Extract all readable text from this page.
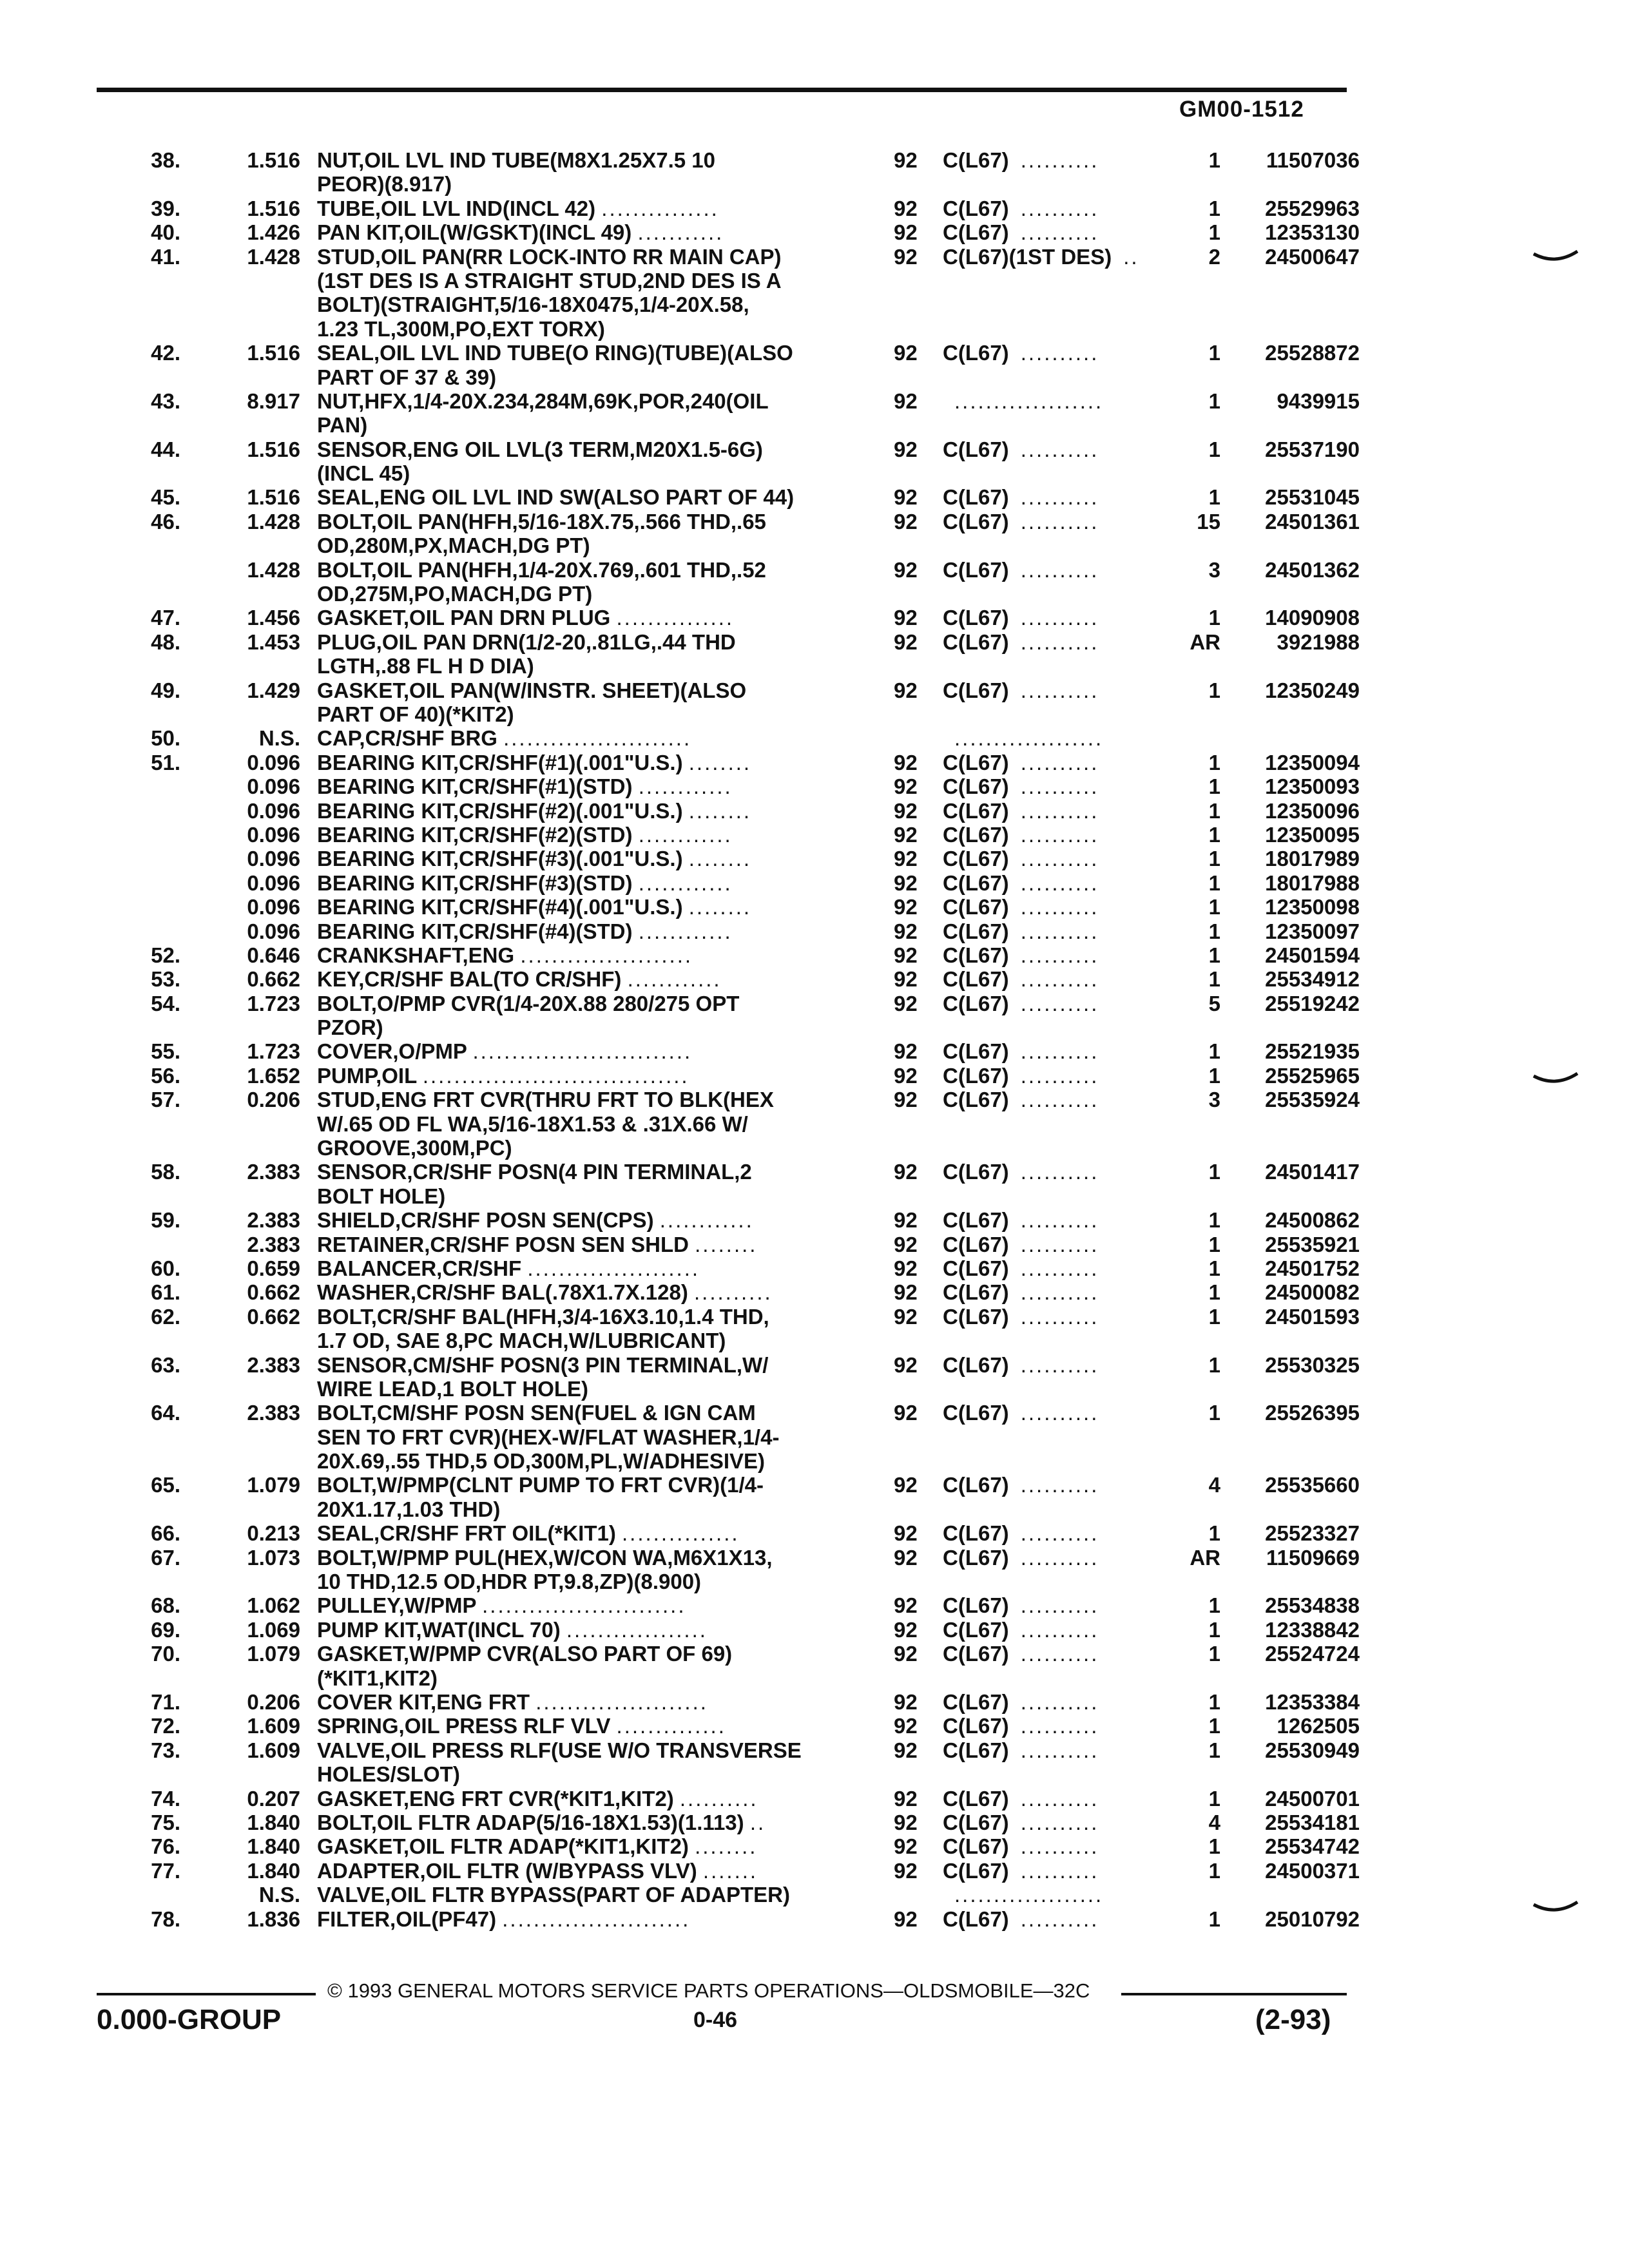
GM00-1512
38.	1.516 NUT,OIL LVL IND TUBE(M8X1.25X7.5 10	92 C(L67) ..........	1 11507036
PEOR)(8.917)
39.	1.516 TUBE,OIL LVL IND(INCL 42) ...............	92 C(L67) ..........	1 25529963
40.	1.426 PAN KIT,OIL(W/GSKT)(INCL 49) ...........	92 C(L67) ..........	1 12353130
41.	1.428 STUD,OIL PAN(RR LOCK-INTO RR MAIN CAP)	92 C(L67)(1ST DES) ..	2 24500647
(1ST DES IS A STRAIGHT STUD,2ND DES IS A
BOLT)(STRAIGHT,5/16-18X0475,1/4-20X.58,
1.23 TL,300M,PO,EXT TORX)
42.	1.516 SEAL,OIL LVL IND TUBE(O RING)(TUBE)(ALSO	92 C(L67) ..........	1 25528872
PART OF 37 & 39)
43.	8.917 NUT,HFX,1/4-20X.234,284M,69K,POR,240(OIL	92	...................	1	9439915
PAN)
44.	1.516 SENSOR,ENG OIL LVL(3 TERM,M20X1.5-6G)	92 C(L67) ..........	1 25537190
(INCL 45)
45.	1.516 SEAL,ENG OIL LVL IND SW(ALSO PART OF 44)	92 C(L67) ..........	1 25531045
46.	1.428 BOLT,OIL PAN(HFH,5/16-18X.75,.566 THD,.65	92 C(L67) ..........	15 24501361
OD,280M,PX,MACH,DG PT)
1.428 BOLT,OIL PAN(HFH,1/4-20X.769,.601 THD,.52	92 C(L67) ..........	3 24501362
OD,275M,PO,MACH,DG PT)
47.	1.456 GASKET,OIL PAN DRN PLUG ...............	92 C(L67) ..........	1 14090908
48.	1.453 PLUG,OIL PAN DRN(1/2-20,.81LG,.44 THD	92 C(L67) ..........	AR	3921988
LGTH,.88 FL H D DIA)
49.	1.429 GASKET,OIL PAN(W/INSTR. SHEET)(ALSO	92 C(L67) ..........	1 12350249
PART OF 40)(*KIT2)
50.	N.S. CAP,CR/SHF BRG ........................	...................
51.	0.096 BEARING KIT,CR/SHF(#1)(.001"U.S.) ........	92 C(L67) ..........	1 12350094
0.096 BEARING KIT,CR/SHF(#1)(STD) ............	92 C(L67) ..........	1 12350093
0.096 BEARING KIT,CR/SHF(#2)(.001"U.S.) ........	92 C(L67) ..........	1 12350096
0.096 BEARING KIT,CR/SHF(#2)(STD) ............	92 C(L67) ..........	1 12350095
0.096 BEARING KIT,CR/SHF(#3)(.001"U.S.) ........	92 C(L67) ..........	1 18017989
0.096 BEARING KIT,CR/SHF(#3)(STD) ............	92 C(L67) ..........	1 18017988
0.096 BEARING KIT,CR/SHF(#4)(.001"U.S.) ........	92 C(L67) ..........	1 12350098
0.096 BEARING KIT,CR/SHF(#4)(STD) ............	92 C(L67) ..........	1 12350097
52.	0.646 CRANKSHAFT,ENG ......................	92 C(L67) ..........	1 24501594
53.	0.662 KEY,CR/SHF BAL(TO CR/SHF) ............	92 C(L67) ..........	1 25534912
54.	1.723 BOLT,O/PMP CVR(1/4-20X.88 280/275 OPT	92 C(L67) ..........	5 25519242
PZOR)
55.	1.723 COVER,O/PMP ............................	92 C(L67) ..........	1 25521935
56.	1.652 PUMP,OIL ..................................	92 C(L67) ..........	1 25525965
57.	0.206 STUD,ENG FRT CVR(THRU FRT TO BLK(HEX	92 C(L67) ..........	3 25535924
W/.65 OD FL WA,5/16-18X1.53 & .31X.66 W/
GROOVE,300M,PC)
58.	2.383 SENSOR,CR/SHF POSN(4 PIN TERMINAL,2	92 C(L67) ..........	1 24501417
BOLT HOLE)
59.	2.383 SHIELD,CR/SHF POSN SEN(CPS) ............	92 C(L67) ..........	1 24500862
2.383 RETAINER,CR/SHF POSN SEN SHLD ........	92 C(L67) ..........	1 25535921
60.	0.659 BALANCER,CR/SHF ......................	92 C(L67) ..........	1 24501752
61.	0.662 WASHER,CR/SHF BAL(.78X1.7X.128) ..........	92 C(L67) ..........	1 24500082
62.	0.662 BOLT,CR/SHF BAL(HFH,3/4-16X3.10,1.4 THD,	92 C(L67) ..........	1 24501593
1.7 OD, SAE 8,PC MACH,W/LUBRICANT)
63.	2.383 SENSOR,CM/SHF POSN(3 PIN TERMINAL,W/	92 C(L67) ..........	1 25530325
WIRE LEAD,1 BOLT HOLE)
64.	2.383 BOLT,CM/SHF POSN SEN(FUEL & IGN CAM	92 C(L67) ..........	1 25526395
SEN TO FRT CVR)(HEX-W/FLAT WASHER,1/4-
20X.69,.55 THD,5 OD,300M,PL,W/ADHESIVE)
65.	1.079 BOLT,W/PMP(CLNT PUMP TO FRT CVR)(1/4-	92 C(L67) ..........	4 25535660
20X1.17,1.03 THD)
66.	0.213 SEAL,CR/SHF FRT OIL(*KIT1) ...............	92 C(L67) ..........	1 25523327
67.	1.073 BOLT,W/PMP PUL(HEX,W/CON WA,M6X1X13,	92 C(L67) ..........	AR 11509669
10 THD,12.5 OD,HDR PT,9.8,ZP)(8.900)
68.	1.062 PULLEY,W/PMP ..........................	92 C(L67) ..........	1 25534838
69.	1.069 PUMP KIT,WAT(INCL 70) ..................	92 C(L67) ..........	1 12338842
70.	1.079 GASKET,W/PMP CVR(ALSO PART OF 69)	92 C(L67) ..........	1 25524724
(*KIT1,KIT2)
71.	0.206 COVER KIT,ENG FRT ......................	92 C(L67) ..........	1 12353384
72.	1.609 SPRING,OIL PRESS RLF VLV ..............	92 C(L67) ..........	1	1262505
73.	1.609 VALVE,OIL PRESS RLF(USE W/O TRANSVERSE	92 C(L67) ..........	1 25530949
HOLES/SLOT)
74.	0.207 GASKET,ENG FRT CVR(*KIT1,KIT2) ..........	92 C(L67) ..........	1 24500701
75.	1.840 BOLT,OIL FLTR ADAP(5/16-18X1.53)(1.113) ..	92 C(L67) ..........	4 25534181
76.	1.840 GASKET,OIL FLTR ADAP(*KIT1,KIT2) ........	92 C(L67) ..........	1 25534742
77.	1.840 ADAPTER,OIL FLTR (W/BYPASS VLV) .......	92 C(L67) ..........	1 24500371
N.S. VALVE,OIL FLTR BYPASS(PART OF ADAPTER)	...................
78.	1.836 FILTER,OIL(PF47) ........................	92 C(L67) ..........	1 25010792
© 1993 GENERAL MOTORS SERVICE PARTS OPERATIONS—OLDSMOBILE—32C
0.000-GROUP	0-46	(2-93)
